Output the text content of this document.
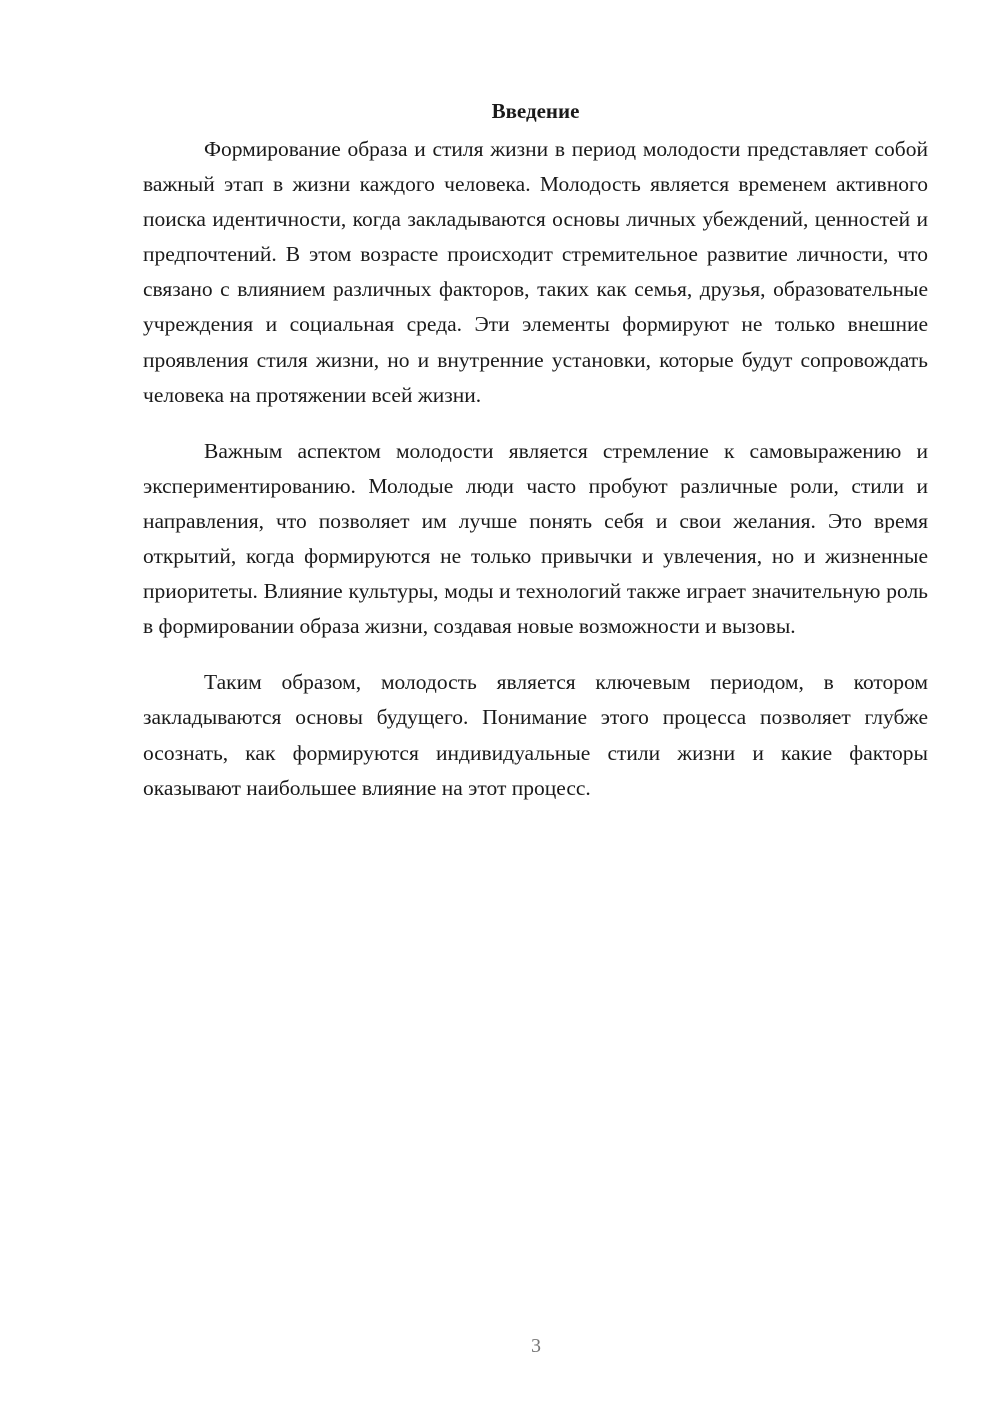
Введение

Формирование образа и стиля жизни в период молодости представляет собой важный этап в жизни каждого человека. Молодость является временем активного поиска идентичности, когда закладываются основы личных убеждений, ценностей и предпочтений. В этом возрасте происходит стремительное развитие личности, что связано с влиянием различных факторов, таких как семья, друзья, образовательные учреждения и социальная среда. Эти элементы формируют не только внешние проявления стиля жизни, но и внутренние установки, которые будут сопровождать человека на протяжении всей жизни.

Важным аспектом молодости является стремление к самовыражению и экспериментированию. Молодые люди часто пробуют различные роли, стили и направления, что позволяет им лучше понять себя и свои желания. Это время открытий, когда формируются не только привычки и увлечения, но и жизненные приоритеты. Влияние культуры, моды и технологий также играет значительную роль в формировании образа жизни, создавая новые возможности и вызовы.

Таким образом, молодость является ключевым периодом, в котором закладываются основы будущего. Понимание этого процесса позволяет глубже осознать, как формируются индивидуальные стили жизни и какие факторы оказывают наибольшее влияние на этот процесс.

3
